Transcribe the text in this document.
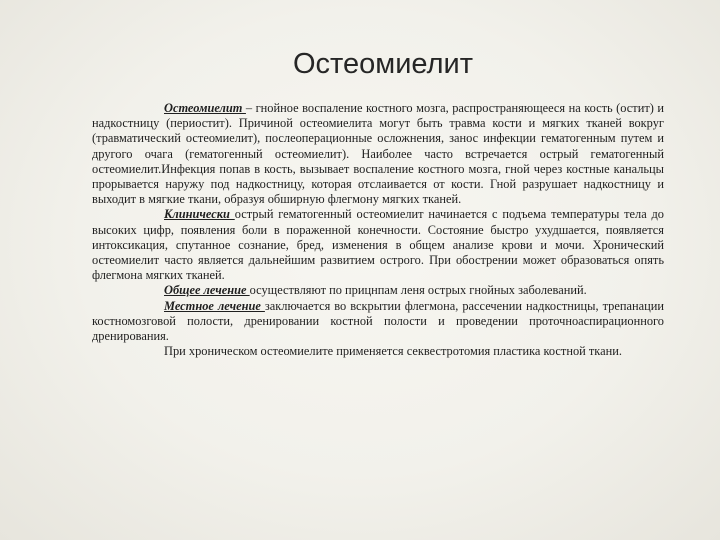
Остеомиелит

Остеомиелит – гнойное воспаление костного мозга, распространяющееся на кость (остит) и надкостницу (периостит). Причиной остеомиелита могут быть травма кости и мягких тканей вокруг (травматический остеомиелит), послеоперационные осложнения, занос инфекции гематогенным путем и другого очага (гематогенный остеомиелит). Наиболее часто встречается острый гематогенный остеомиелит.Инфекция попав в кость, вызывает воспаление костного мозга, гной через костные канальцы прорывается наружу под надкостницу, которая отслаивается от кости. Гной разрушает надкостницу и выходит в мягкие ткани, образуя обширную флегмону мягких тканей.

Клинически острый гематогенный остеомиелит начинается с подъема температуры тела до высоких цифр, появления боли в пораженной конечности. Состояние быстро ухудшается, появляется интоксикация, спутанное сознание, бред, изменения в общем анализе крови и мочи. Хронический остеомиелит часто является дальнейшим развитием острого. При обострении может образоваться опять флегмона мягких тканей.

Общее лечение осуществляют по прицнпам леня острых гнойных заболеваний.

Местное лечение заключается во вскрытии флегмона, рассечении надкостницы, трепанации костномозговой полости, дренировании костной полости и проведении проточноаспирационного дренирования.

При хроническом остеомиелите применяется секвестротомия пластика костной ткани.
